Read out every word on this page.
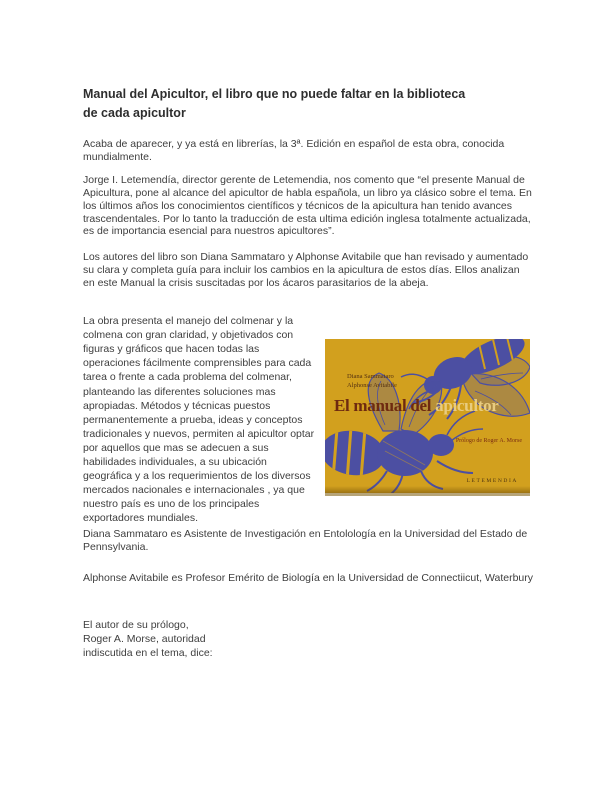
Manual del Apicultor, el libro que no puede faltar en la biblioteca
de cada apicultor

Acaba de aparecer, y ya está en librerías, la 3ª. Edición en español de esta obra, conocida mundialmente.

Jorge I. Letemendía, director gerente de Letemendia, nos comento que “el presente Manual de Apicultura, pone al alcance del apicultor de habla española, un libro ya clásico sobre el tema. En los últimos años los conocimientos científicos y técnicos de la apicultura han tenido avances trascendentales. Por lo tanto la traducción de esta ultima edición inglesa totalmente actualizada, es de importancia esencial para nuestros apicultores”.

Los autores del libro son Diana Sammataro y Alphonse Avitabile que han revisado y aumentado su clara y completa guía para incluir los cambios en la apicultura de estos días. Ellos analizan en este Manual la crisis suscitadas por los ácaros parasitarios de la abeja.

La obra presenta el manejo del colmenar y la colmena con gran claridad, y objetivados con figuras y gráficos que hacen todas las operaciones fácilmente comprensibles para cada tarea o frente a cada problema del colmenar, planteando las diferentes soluciones mas apropiadas. Métodos y técnicas puestos permanentemente a prueba, ideas y conceptos tradicionales y nuevos, permiten al apicultor optar por aquellos que mas se adecuen a sus habilidades individuales, a su ubicación geográfica y a los requerimientos de los diversos mercados nacionales e internacionales , ya que nuestro país es uno de los principales exportadores mundiales.
Diana Sammataro
Alphonse Avitabile
El manual del apicultor
Prólogo de Roger A. Morse
LETEMENDIA

Diana Sammataro es Asistente de Investigación en Entolología en la Universidad del Estado de Pennsylvania.

Alphonse Avitabile es Profesor Emérito de Biología en la Universidad de Connectiicut, Waterbury

El autor de su prólogo,
Roger A. Morse, autoridad
indiscutida en el tema, dice:
